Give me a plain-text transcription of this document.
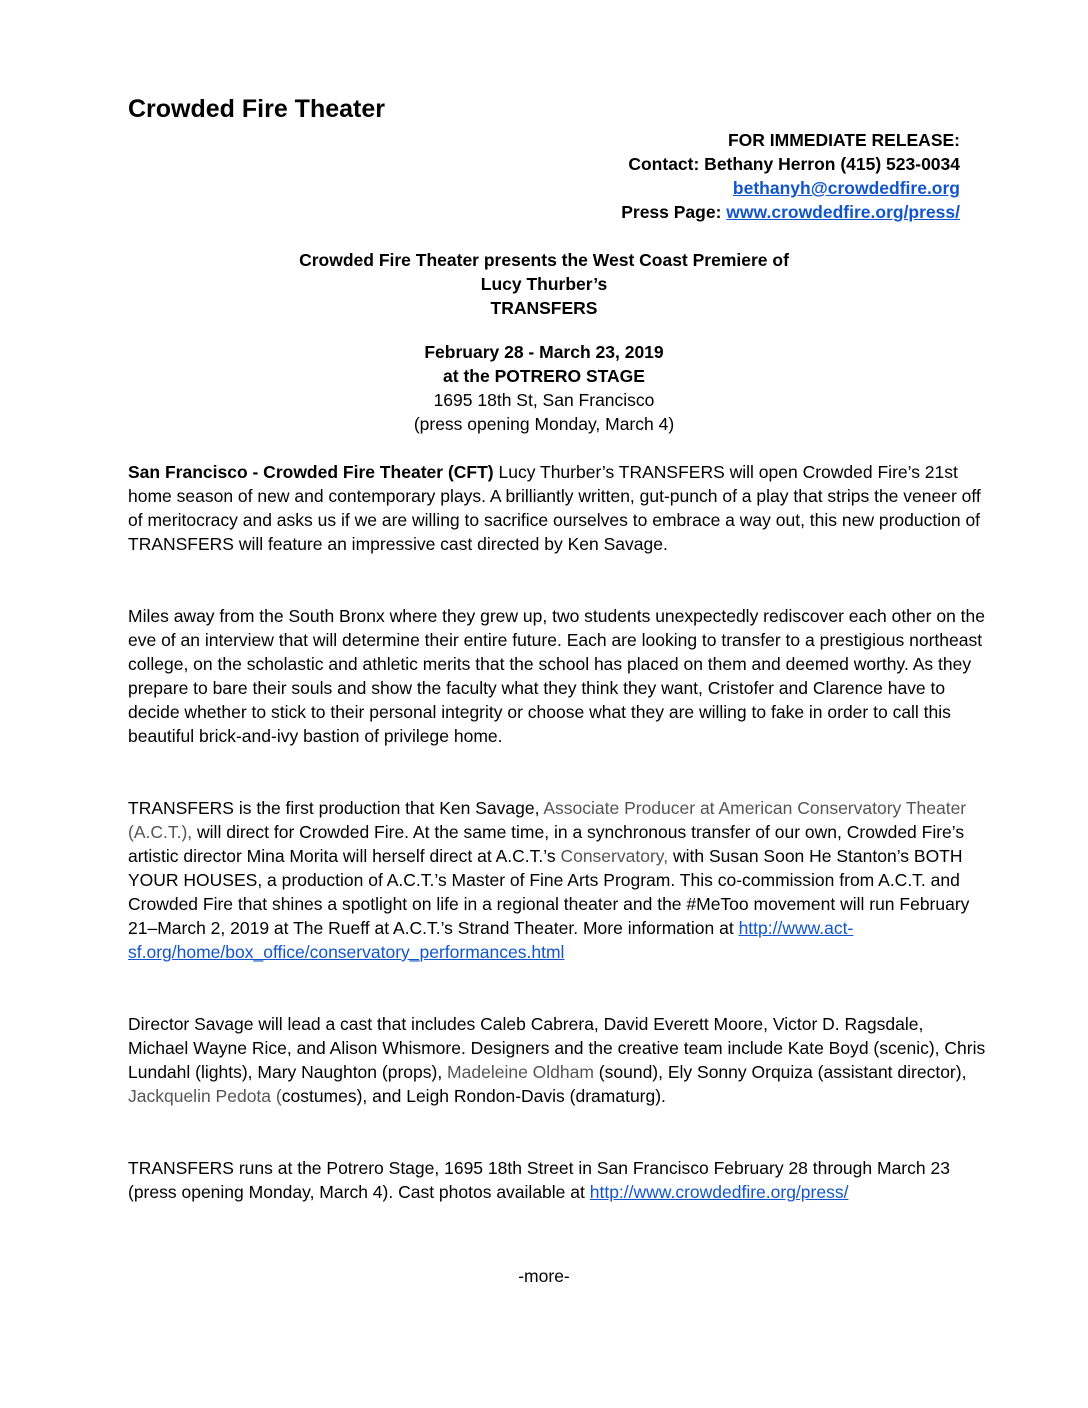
Crowded Fire Theater
FOR IMMEDIATE RELEASE:
Contact: Bethany Herron (415) 523-0034
bethanyh@crowdedfire.org
Press Page: www.crowdedfire.org/press/
Crowded Fire Theater presents the West Coast Premiere of
Lucy Thurber’s
TRANSFERS
February 28 - March 23, 2019
at the POTRERO STAGE
1695 18th St, San Francisco
(press opening Monday, March 4)

San Francisco - Crowded Fire Theater (CFT) Lucy Thurber’s TRANSFERS will open Crowded Fire’s 21st home season of new and contemporary plays. A brilliantly written, gut-punch of a play that strips the veneer off of meritocracy and asks us if we are willing to sacrifice ourselves to embrace a way out, this new production of TRANSFERS will feature an impressive cast directed by Ken Savage.

Miles away from the South Bronx where they grew up, two students unexpectedly rediscover each other on the eve of an interview that will determine their entire future. Each are looking to transfer to a prestigious northeast college, on the scholastic and athletic merits that the school has placed on them and deemed worthy. As they prepare to bare their souls and show the faculty what they think they want, Cristofer and Clarence have to decide whether to stick to their personal integrity or choose what they are willing to fake in order to call this beautiful brick-and-ivy bastion of privilege home.

TRANSFERS is the first production that Ken Savage, Associate Producer at American Conservatory Theater (A.C.T.), will direct for Crowded Fire. At the same time, in a synchronous transfer of our own, Crowded Fire’s artistic director Mina Morita will herself direct at A.C.T.’s Conservatory, with Susan Soon He Stanton’s BOTH YOUR HOUSES, a production of A.C.T.’s Master of Fine Arts Program. This co-commission from A.C.T. and Crowded Fire that shines a spotlight on life in a regional theater and the #MeToo movement will run February 21–March 2, 2019 at The Rueff at A.C.T.’s Strand Theater. More information at http://www.act-sf.org/home/box_office/conservatory_performances.html

Director Savage will lead a cast that includes Caleb Cabrera, David Everett Moore, Victor D. Ragsdale, Michael Wayne Rice, and Alison Whismore. Designers and the creative team include Kate Boyd (scenic), Chris Lundahl (lights), Mary Naughton (props), Madeleine Oldham (sound), Ely Sonny Orquiza (assistant director), Jackquelin Pedota (costumes), and Leigh Rondon-Davis (dramaturg).

TRANSFERS runs at the Potrero Stage, 1695 18th Street in San Francisco February 28 through March 23 (press opening Monday, March 4). Cast photos available at http://www.crowdedfire.org/press/

-more-
